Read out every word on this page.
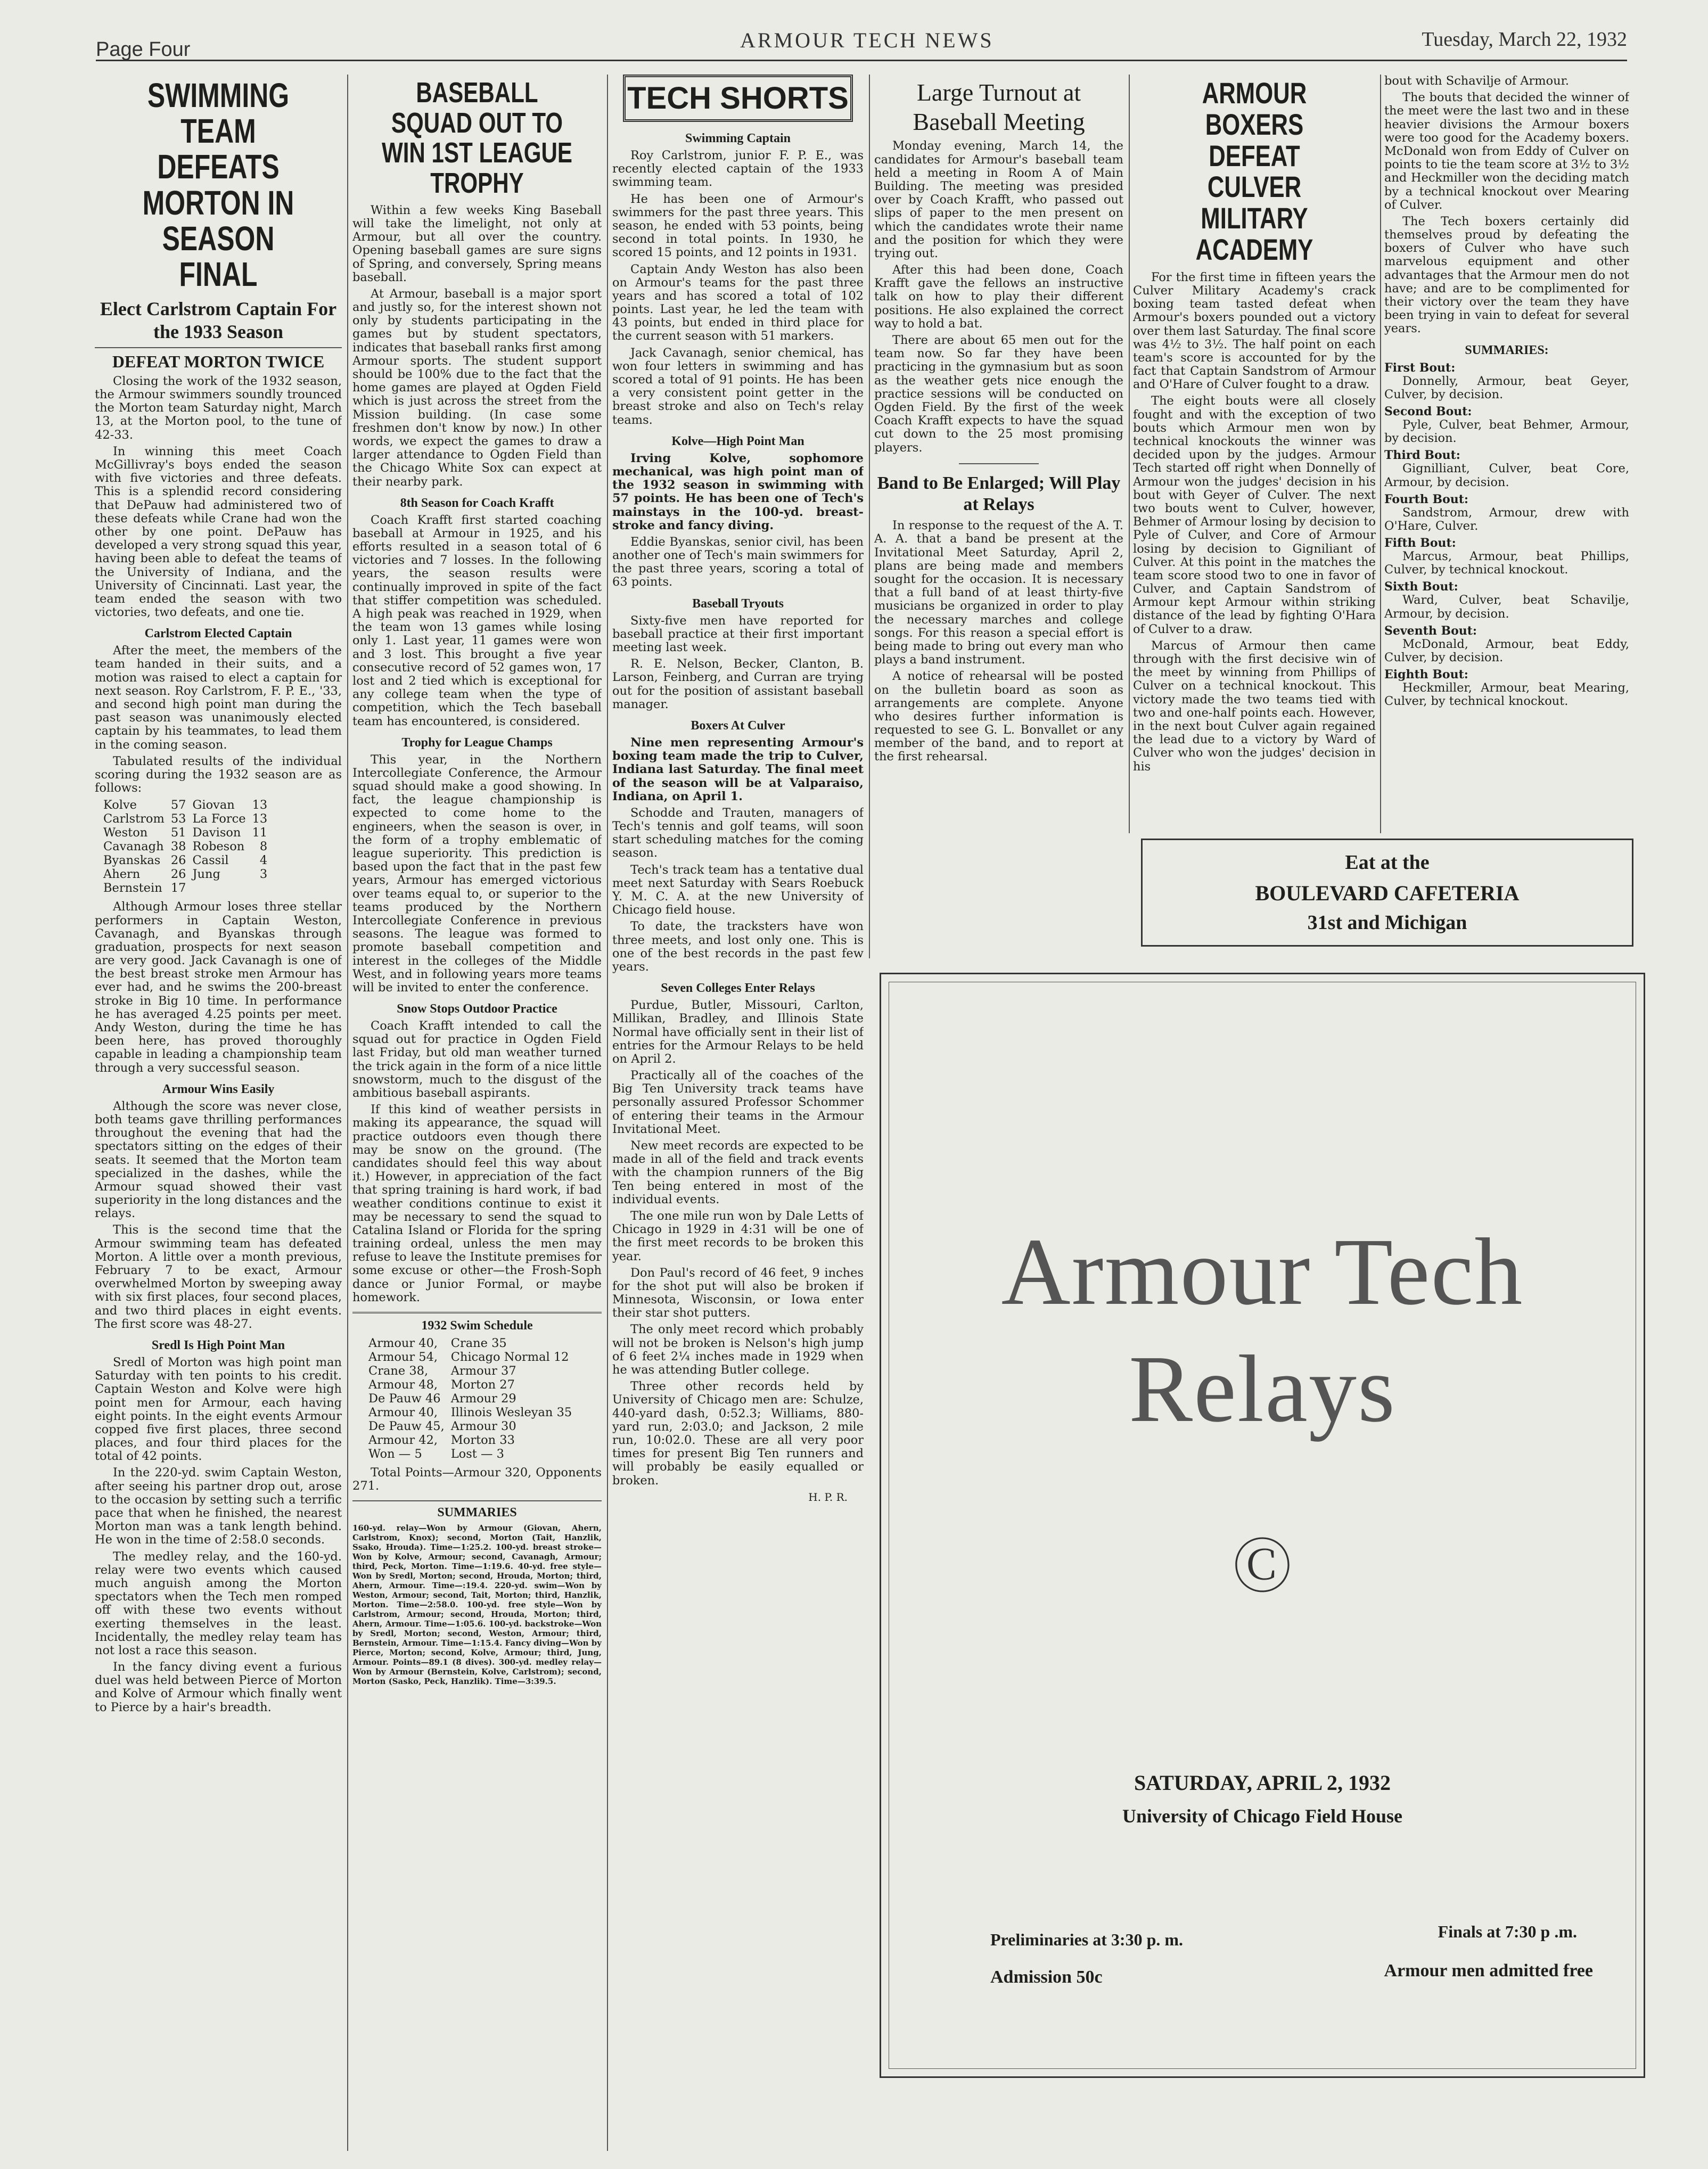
Page Four	ARMOUR TECH NEWS	Tuesday, March 22, 1932
SWIMMING TEAM DEFEATS MORTON IN SEASON FINAL
Elect Carlstrom Captain For the 1933 Season
DEFEAT MORTON TWICE

Closing the work of the 1932 season, the Armour swimmers soundly trounced the Morton team Saturday night, March 13, at the Morton pool, to the tune of 42-33.

In winning this meet Coach McGillivray's boys ended the season with five victories and three defeats. This is a splendid record considering that DePauw had administered two of these defeats while Crane had won the other by one point. DePauw has developed a very strong squad this year, having been able to defeat the teams of the University of Indiana, and the University of Cincinnati. Last year, the team ended the season with two victories, two defeats, and one tie.

Carlstrom Elected Captain

After the meet, the members of the team handed in their suits, and a motion was raised to elect a captain for next season. Roy Carlstrom, F. P. E., '33, and second high point man during the past season was unanimously elected captain by his teammates, to lead them in the coming season.

Tabulated results of the individual scoring during the 1932 season are as follows:

Kolve	57	Giovan	13
Carlstrom	53	La Force	13
Weston	51	Davison	11
Cavanagh	38	Robeson	8
Byanskas	26	Cassil	4
Ahern	26	Jung	3
Bernstein	17		

Although Armour loses three stellar performers in Captain Weston, Cavanagh, and Byanskas through graduation, prospects for next season are very good. Jack Cavanagh is one of the best breast stroke men Armour has ever had, and he swims the 200-breast stroke in Big 10 time. In performance he has averaged 4.25 points per meet. Andy Weston, during the time he has been here, has proved thoroughly capable in leading a championship team through a very successful season.

Armour Wins Easily

Although the score was never close, both teams gave thrilling performances throughout the evening that had the spectators sitting on the edges of their seats. It seemed that the Morton team specialized in the dashes, while the Armour squad showed their vast superiority in the long distances and the relays.

This is the second time that the Armour swimming team has defeated Morton. A little over a month previous, February 7 to be exact, Armour overwhelmed Morton by sweeping away with six first places, four second places, and two third places in eight events. The first score was 48-27.

Sredl Is High Point Man

Sredl of Morton was high point man Saturday with ten points to his credit. Captain Weston and Kolve were high point men for Armour, each having eight points. In the eight events Armour copped five first places, three second places, and four third places for the total of 42 points.

In the 220-yd. swim Captain Weston, after seeing his partner drop out, arose to the occasion by setting such a terrific pace that when he finished, the nearest Morton man was a tank length behind. He won in the time of 2:58.0 seconds.

The medley relay, and the 160-yd. relay were two events which caused much anguish among the Morton spectators when the Tech men romped off with these two events without exerting themselves in the least. Incidentally, the medley relay team has not lost a race this season.

In the fancy diving event a furious duel was held between Pierce of Morton and Kolve of Armour which finally went to Pierce by a hair's breadth.

BASEBALL SQUAD OUT TO WIN 1ST LEAGUE TROPHY

Within a few weeks King Baseball will take the limelight, not only at Armour, but all over the country. Opening baseball games are sure signs of Spring, and conversely, Spring means baseball.

At Armour, baseball is a major sport and justly so, for the interest shown not only by students participating in the games but by student spectators, indicates that baseball ranks first among Armour sports. The student support should be 100% due to the fact that the home games are played at Ogden Field which is just across the street from the Mission building. (In case some freshmen don't know by now.) In other words, we expect the games to draw a larger attendance to Ogden Field than the Chicago White Sox can expect at their nearby park.

8th Season for Coach Krafft

Coach Krafft first started coaching baseball at Armour in 1925, and his efforts resulted in a season total of 6 victories and 7 losses. In the following years, the season results were continually improved in spite of the fact that stiffer competition was scheduled. A high peak was reached in 1929, when the team won 13 games while losing only 1. Last year, 11 games were won and 3 lost. This brought a five year consecutive record of 52 games won, 17 lost and 2 tied which is exceptional for any college team when the type of competition, which the Tech baseball team has encountered, is considered.

Trophy for League Champs

This year, in the Northern Intercollegiate Conference, the Armour squad should make a good showing. In fact, the league championship is expected to come home to the engineers, when the season is over, in the form of a trophy emblematic of league superiority. This prediction is based upon the fact that in the past few years, Armour has emerged victorious over teams equal to, or superior to the teams produced by the Northern Intercollegiate Conference in previous seasons. The league was formed to promote baseball competition and interest in the colleges of the Middle West, and in following years more teams will be invited to enter the conference.

Snow Stops Outdoor Practice

Coach Krafft intended to call the squad out for practice in Ogden Field last Friday, but old man weather turned the trick again in the form of a nice little snowstorm, much to the disgust of the ambitious baseball aspirants.

If this kind of weather persists in making its appearance, the squad will practice outdoors even though there may be snow on the ground. (The candidates should feel this way about it.) However, in appreciation of the fact that spring training is hard work, if bad weather conditions continue to exist it may be necessary to send the squad to Catalina Island or Florida for the spring training ordeal, unless the men may refuse to leave the Institute premises for some excuse or other—the Frosh-Soph dance or Junior Formal, or maybe homework.

1932 Swim Schedule
Armour 40,	Crane 35
Armour 54,	Chicago Normal 12
Crane 38,	Armour 37
Armour 48,	Morton 27
De Pauw 46	Armour 29
Armour 40,	Illinois Wesleyan 35
De Pauw 45,	Armour 30
Armour 42,	Morton 33
Won — 5	Lost — 3

Total Points—Armour 320, Opponents 271.

SUMMARIES

160-yd. relay—Won by Armour (Giovan, Ahern, Carlstrom, Knox); second, Morton (Tait, Hanzlik, Ssako, Hrouda). Time—1:25.2. 100-yd. breast stroke—Won by Kolve, Armour; second, Cavanagh, Armour; third, Peck, Morton. Time—1:19.6. 40-yd. free style—Won by Sredl, Morton; second, Hrouda, Morton; third, Ahern, Armour. Time—:19.4. 220-yd. swim—Won by Weston, Armour; second, Tait, Morton; third, Hanzlik, Morton. Time—2:58.0. 100-yd. free style—Won by Carlstrom, Armour; second, Hrouda, Morton; third, Ahern, Armour. Time—1:05.6. 100-yd. backstroke—Won by Sredl, Morton; second, Weston, Armour; third, Bernstein, Armour. Time—1:15.4. Fancy diving—Won by Pierce, Morton; second, Kolve, Armour; third, Jung, Armour. Points—89.1 (8 dives). 300-yd. medley relay—Won by Armour (Bernstein, Kolve, Carlstrom); second, Morton (Sasko, Peck, Hanzlik). Time—3:39.5.

TECH SHORTS
Swimming Captain

Roy Carlstrom, junior F. P. E., was recently elected captain of the 1933 swimming team.

He has been one of Armour's swimmers for the past three years. This season, he ended with 53 points, being second in total points. In 1930, he scored 15 points, and 12 points in 1931.

Captain Andy Weston has also been on Armour's teams for the past three years and has scored a total of 102 points. Last year, he led the team with 43 points, but ended in third place for the current season with 51 markers.

Jack Cavanagh, senior chemical, has won four letters in swimming and has scored a total of 91 points. He has been a very consistent point getter in the breast stroke and also on Tech's relay teams.

Kolve—High Point Man

Irving Kolve, sophomore mechanical, was high point man of the 1932 season in swimming with 57 points. He has been one of Tech's mainstays in the 100-yd. breast-stroke and fancy diving.

Eddie Byanskas, senior civil, has been another one of Tech's main swimmers for the past three years, scoring a total of 63 points.

Baseball Tryouts

Sixty-five men have reported for baseball practice at their first important meeting last week.

R. E. Nelson, Becker, Clanton, B. Larson, Feinberg, and Curran are trying out for the position of assistant baseball manager.

Boxers At Culver

Nine men representing Armour's boxing team made the trip to Culver, Indiana last Saturday. The final meet of the season will be at Valparaiso, Indiana, on April 1.

Schodde and Trauten, managers of Tech's tennis and golf teams, will soon start scheduling matches for the coming season.

Tech's track team has a tentative dual meet next Saturday with Sears Roebuck Y. M. C. A. at the new University of Chicago field house.

To date, the tracksters have won three meets, and lost only one. This is one of the best records in the past few years.

Seven Colleges Enter Relays

Purdue, Butler, Missouri, Carlton, Millikan, Bradley, and Illinois State Normal have officially sent in their list of entries for the Armour Relays to be held on April 2.

Practically all of the coaches of the Big Ten University track teams have personally assured Professor Schommer of entering their teams in the Armour Invitational Meet.

New meet records are expected to be made in all of the field and track events with the champion runners of the Big Ten being entered in most of the individual events.

The one mile run won by Dale Letts of Chicago in 1929 in 4:31 will be one of the first meet records to be broken this year.

Don Paul's record of 46 feet, 9 inches for the shot put will also be broken if Minnesota, Wisconsin, or Iowa enter their star shot putters.

The only meet record which probably will not be broken is Nelson's high jump of 6 feet 2¼ inches made in 1929 when he was attending Butler college.

Three other records held by University of Chicago men are: Schulze, 440-yard dash, 0:52.3; Williams, 880-yard run, 2:03.0; and Jackson, 2 mile run, 10:02.0. These are all very poor times for present Big Ten runners and will probably be easily equalled or broken.

H. P. R.
Large Turnout at Baseball Meeting

Monday evening, March 14, the candidates for Armour's baseball team held a meeting in Room A of Main Building. The meeting was presided over by Coach Krafft, who passed out slips of paper to the men present on which the candidates wrote their name and the position for which they were trying out.

After this had been done, Coach Krafft gave the fellows an instructive talk on how to play their different positions. He also explained the correct way to hold a bat.

There are about 65 men out for the team now. So far they have been practicing in the gymnasium but as soon as the weather gets nice enough the practice sessions will be conducted on Ogden Field. By the first of the week Coach Krafft expects to have the squad cut down to the 25 most promising players.

Band to Be Enlarged; Will Play at Relays

In response to the request of the A. T. A. A. that a band be present at the Invitational Meet Saturday, April 2, plans are being made and members sought for the occasion. It is necessary that a full band of at least thirty-five musicians be organized in order to play the necessary marches and college songs. For this reason a special effort is being made to bring out every man who plays a band instrument.

A notice of rehearsal will be posted on the bulletin board as soon as arrangements are complete. Anyone who desires further information is requested to see G. L. Bonvallet or any member of the band, and to report at the first rehearsal.

ARMOUR BOXERS DEFEAT CULVER MILITARY ACADEMY

For the first time in fifteen years the Culver Military Academy's crack boxing team tasted defeat when Armour's boxers pounded out a victory over them last Saturday. The final score was 4½ to 3½. The half point on each team's score is accounted for by the fact that Captain Sandstrom of Armour and O'Hare of Culver fought to a draw.

The eight bouts were all closely fought and with the exception of two bouts which Armour men won by technical knockouts the winner was decided upon by the judges. Armour Tech started off right when Donnelly of Armour won the judges' decision in his bout with Geyer of Culver. The next two bouts went to Culver, however, Behmer of Armour losing by decision to Pyle of Culver, and Core of Armour losing by decision to Gigniliant of Culver. At this point in the matches the team score stood two to one in favor of Culver, and Captain Sandstrom of Armour kept Armour within striking distance of the lead by fighting O'Hara of Culver to a draw.

Marcus of Armour then came through with the first decisive win of the meet by winning from Phillips of Culver on a technical knockout. This victory made the two teams tied with two and one-half points each. However, in the next bout Culver again regained the lead due to a victory by Ward of Culver who won the judges' decision in his

bout with Schavilje of Armour.

The bouts that decided the winner of the meet were the last two and in these heavier divisions the Armour boxers were too good for the Academy boxers. McDonald won from Eddy of Culver on points to tie the team score at 3½ to 3½ and Heckmiller won the deciding match by a technical knockout over Mearing of Culver.

The Tech boxers certainly did themselves proud by defeating the boxers of Culver who have such marvelous equipment and other advantages that the Armour men do not have; and are to be complimented for their victory over the team they have been trying in vain to defeat for several years.

SUMMARIES:
First Bout:

Donnelly, Armour, beat Geyer, Culver, by decision.

Second Bout:

Pyle, Culver, beat Behmer, Armour, by decision.

Third Bout:

Gignilliant, Culver, beat Core, Armour, by decision.

Fourth Bout:

Sandstrom, Armour, drew with O'Hare, Culver.

Fifth Bout:

Marcus, Armour, beat Phillips, Culver, by technical knockout.

Sixth Bout:

Ward, Culver, beat Schavilje, Armour, by decision.

Seventh Bout:

McDonald, Armour, beat Eddy, Culver, by decision.

Eighth Bout:

Heckmiller, Armour, beat Mearing, Culver, by technical knockout.

Eat at the
BOULEVARD CAFETERIA
31st and Michigan
Armour Tech
Relays
Ⓒ
SATURDAY, APRIL 2, 1932
University of Chicago Field House
Preliminaries at 3:30 p. m.	Finals at 7:30 p .m.
Admission 50c	Armour men admitted free
